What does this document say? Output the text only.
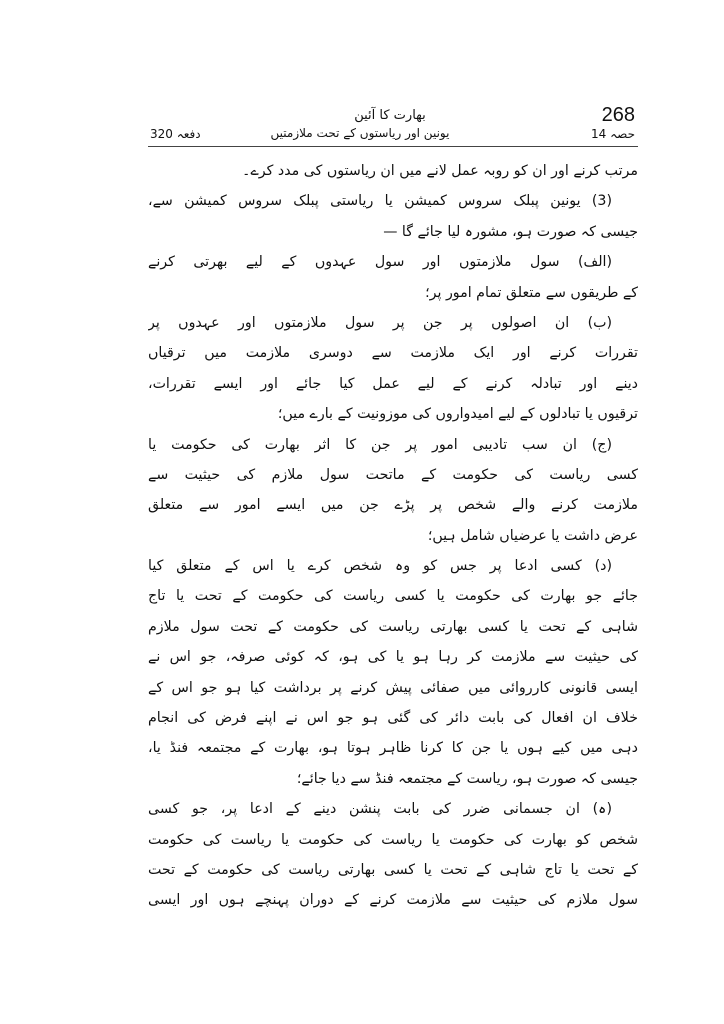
268
بھارت کا آئین
یونین اور ریاستوں کے تحت ملازمتیں
دفعہ 320	حصہ 14
مرتب کرنے اور ان کو روبہ عمل لانے میں ان ریاستوں کی مدد کرے۔
(3) یونین پبلک سروس کمیشن یا ریاستی پبلک سروس کمیشن سے،
جیسی کہ صورت ہو، مشورہ لیا جائے گا —
(الف) سول ملازمتوں اور سول عہدوں کے لیے بھرتی کرنے
کے طریقوں سے متعلق تمام امور پر؛
(ب) ان اصولوں پر جن پر سول ملازمتوں اور عہدوں پر
تقررات کرنے اور ایک ملازمت سے دوسری ملازمت میں ترقیاں
دینے اور تبادلہ کرنے کے لیے عمل کیا جائے اور ایسے تقررات،
ترقیوں یا تبادلوں کے لیے امیدواروں کی موزونیت کے بارے میں؛
(ج) ان سب تادیبی امور پر جن کا اثر بھارت کی حکومت یا
کسی ریاست کی حکومت کے ماتحت سول ملازم کی حیثیت سے
ملازمت کرنے والے شخص پر پڑے جن میں ایسے امور سے متعلق
عرض داشت یا عرضیاں شامل ہیں؛
(د) کسی ادعا پر جس کو وہ شخص کرے یا اس کے متعلق کیا
جائے جو بھارت کی حکومت یا کسی ریاست کی حکومت کے تحت یا تاج
شاہی کے تحت یا کسی بھارتی ریاست کی حکومت کے تحت سول ملازم
کی حیثیت سے ملازمت کر رہا ہو یا کی ہو، کہ کوئی صرفہ، جو اس نے
ایسی قانونی کارروائی میں صفائی پیش کرنے پر برداشت کیا ہو جو اس کے
خلاف ان افعال کی بابت دائر کی گئی ہو جو اس نے اپنے فرض کی انجام
دہی میں کیے ہوں یا جن کا کرنا ظاہر ہوتا ہو، بھارت کے مجتمعہ فنڈ یا،
جیسی کہ صورت ہو، ریاست کے مجتمعہ فنڈ سے دیا جائے؛
(ہ) ان جسمانی ضرر کی بابت پنشن دینے کے ادعا پر، جو کسی
شخص کو بھارت کی حکومت یا ریاست کی حکومت یا ریاست کی حکومت
کے تحت یا تاج شاہی کے تحت یا کسی بھارتی ریاست کی حکومت کے تحت
سول ملازم کی حیثیت سے ملازمت کرنے کے دوران پہنچے ہوں اور ایسی
